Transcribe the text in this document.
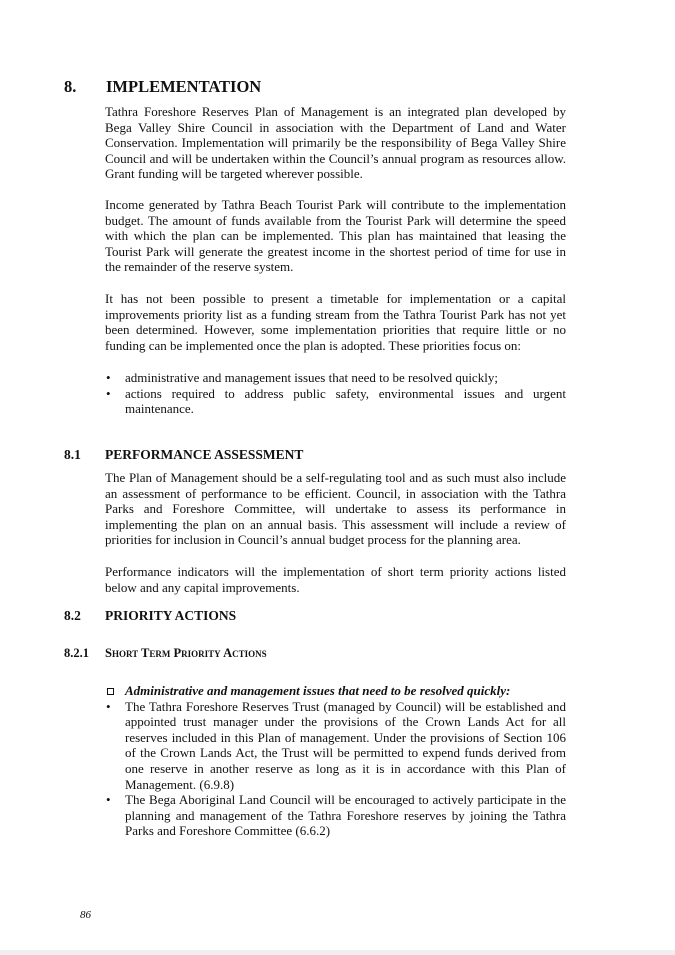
8. IMPLEMENTATION

Tathra Foreshore Reserves Plan of Management is an integrated plan developed by Bega Valley Shire Council in association with the Department of Land and Water Conservation. Implementation will primarily be the responsibility of Bega Valley Shire Council and will be undertaken within the Council’s annual program as resources allow. Grant funding will be targeted wherever possible.

Income generated by Tathra Beach Tourist Park will contribute to the implementation budget. The amount of funds available from the Tourist Park will determine the speed with which the plan can be implemented. This plan has maintained that leasing the Tourist Park will generate the greatest income in the shortest period of time for use in the remainder of the reserve system.

It has not been possible to present a timetable for implementation or a capital improvements priority list as a funding stream from the Tathra Tourist Park has not yet been determined. However, some implementation priorities that require little or no funding can be implemented once the plan is adopted. These priorities focus on:

• administrative and management issues that need to be resolved quickly;
• actions required to address public safety, environmental issues and urgent maintenance.
8.1 PERFORMANCE ASSESSMENT

The Plan of Management should be a self-regulating tool and as such must also include an assessment of performance to be efficient. Council, in association with the Tathra Parks and Foreshore Committee, will undertake to assess its performance in implementing the plan on an annual basis. This assessment will include a review of priorities for inclusion in Council’s annual budget process for the planning area.

Performance indicators will the implementation of short term priority actions listed below and any capital improvements.

8.2 PRIORITY ACTIONS
8.2.1 Short Term Priority Actions
Administrative and management issues that need to be resolved quickly:
• The Tathra Foreshore Reserves Trust (managed by Council) will be established and appointed trust manager under the provisions of the Crown Lands Act for all reserves included in this Plan of management. Under the provisions of Section 106 of the Crown Lands Act, the Trust will be permitted to expend funds derived from one reserve in another reserve as long as it is in accordance with this Plan of Management. (6.9.8)
• The Bega Aboriginal Land Council will be encouraged to actively participate in the planning and management of the Tathra Foreshore reserves by joining the Tathra Parks and Foreshore Committee (6.6.2)
86
